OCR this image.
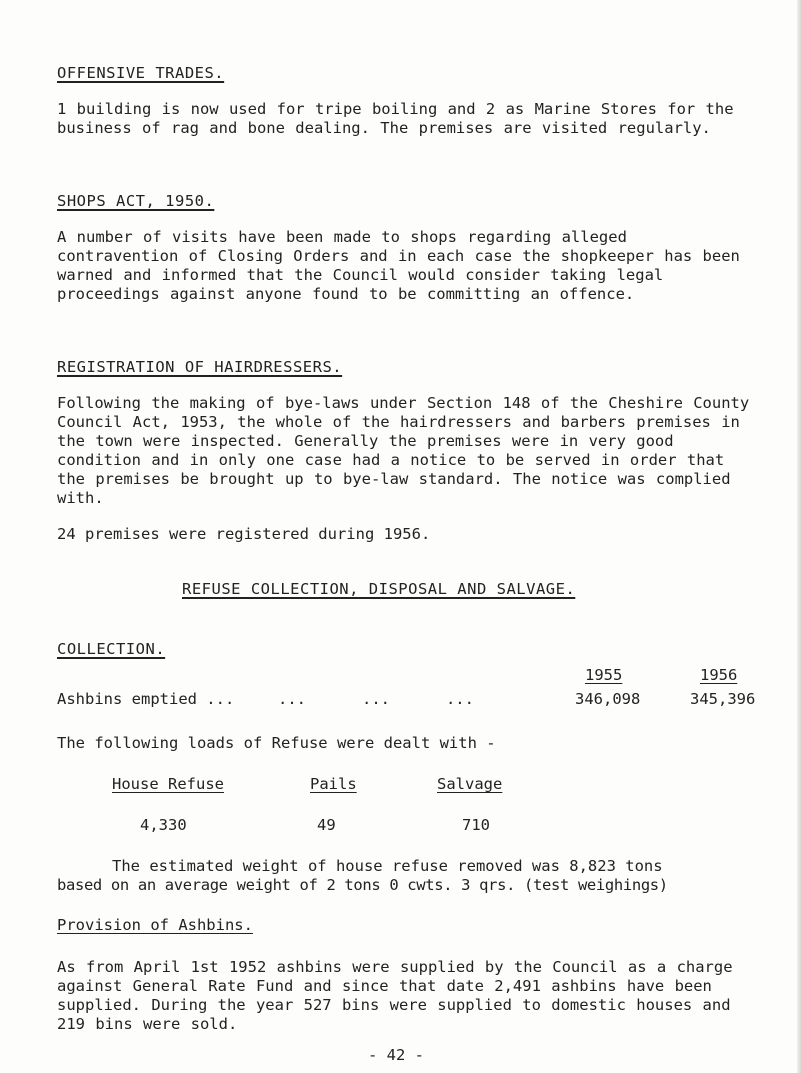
OFFENSIVE TRADES.

1 building is now used for tripe boiling and 2 as Marine Stores for the business of rag and bone dealing. The premises are visited regularly.

SHOPS ACT, 1950.

A number of visits have been made to shops regarding alleged contravention of Closing Orders and in each case the shopkeeper has been warned and informed that the Council would consider taking legal proceedings against anyone found to be committing an offence.

REGISTRATION OF HAIRDRESSERS.

Following the making of bye-laws under Section 148 of the Cheshire County Council Act, 1953, the whole of the hairdressers and barbers premises in the town were inspected. Generally the premises were in very good condition and in only one case had a notice to be served in order that the premises be brought up to bye-law standard. The notice was complied with.

24 premises were registered during 1956.
REFUSE COLLECTION, DISPOSAL AND SALVAGE.
COLLECTION.
1955	1956
Ashbins emptied ...	...      ...      ...	346,098	345,396
The following loads of Refuse were dealt with -
House Refuse	Pails	Salvage
4,330	49	710
The estimated weight of house refuse removed was 8,823 tons
based on an average weight of 2 tons 0 cwts. 3 qrs. (test weighings)
Provision of Ashbins.

As from April 1st 1952 ashbins were supplied by the Council as a charge against General Rate Fund and since that date 2,491 ashbins have been supplied. During the year 527 bins were supplied to domestic houses and 219 bins were sold.

- 42 -
